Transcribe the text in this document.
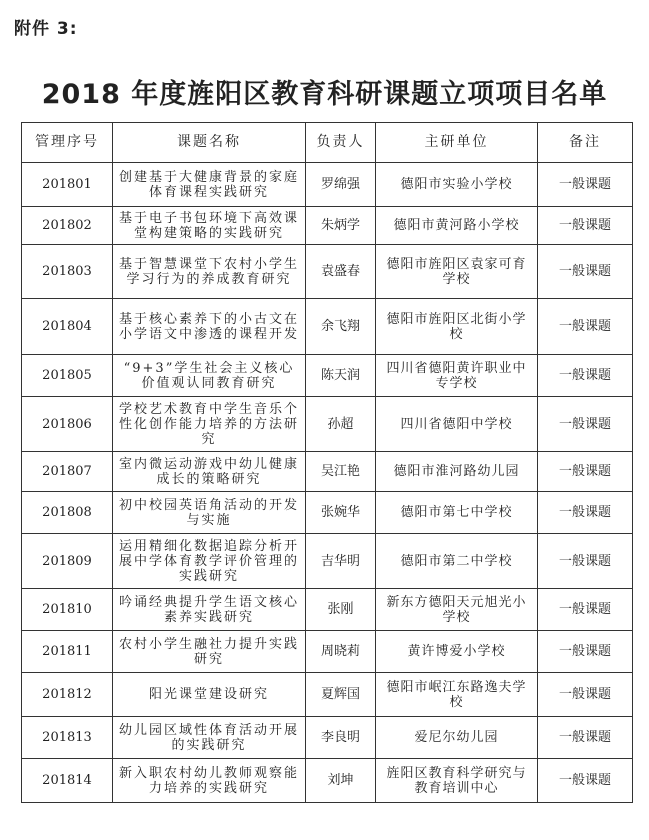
附件 3:
2018 年度旌阳区教育科研课题立项项目名单
管理序号	课题名称	负责人	主研单位	备注
201801	创建基于大健康背景的家庭体育课程实践研究	罗绵强	德阳市实验小学校	一般课题
201802	基于电子书包环境下高效课堂构建策略的实践研究	朱炳学	德阳市黄河路小学校	一般课题
201803	基于智慧课堂下农村小学生学习行为的养成教育研究	袁盛春	德阳市旌阳区袁家可育学校	一般课题
201804	基于核心素养下的小古文在小学语文中渗透的课程开发	余飞翔	德阳市旌阳区北街小学校	一般课题
201805	“9+3”学生社会主义核心价值观认同教育研究	陈天润	四川省德阳黄许职业中专学校	一般课题
201806	学校艺术教育中学生音乐个性化创作能力培养的方法研究	孙超	四川省德阳中学校	一般课题
201807	室内微运动游戏中幼儿健康成长的策略研究	吴江艳	德阳市淮河路幼儿园	一般课题
201808	初中校园英语角活动的开发与实施	张婉华	德阳市第七中学校	一般课题
201809	运用精细化数据追踪分析开展中学体育教学评价管理的实践研究	吉华明	德阳市第二中学校	一般课题
201810	吟诵经典提升学生语文核心素养实践研究	张刚	新东方德阳天元旭光小学校	一般课题
201811	农村小学生融社力提升实践研究	周晓莉	黄许博爱小学校	一般课题
201812	阳光课堂建设研究	夏辉国	德阳市岷江东路逸夫学校	一般课题
201813	幼儿园区域性体育活动开展的实践研究	李良明	爱尼尔幼儿园	一般课题
201814	新入职农村幼儿教师观察能力培养的实践研究	刘坤	旌阳区教育科学研究与教育培训中心	一般课题
